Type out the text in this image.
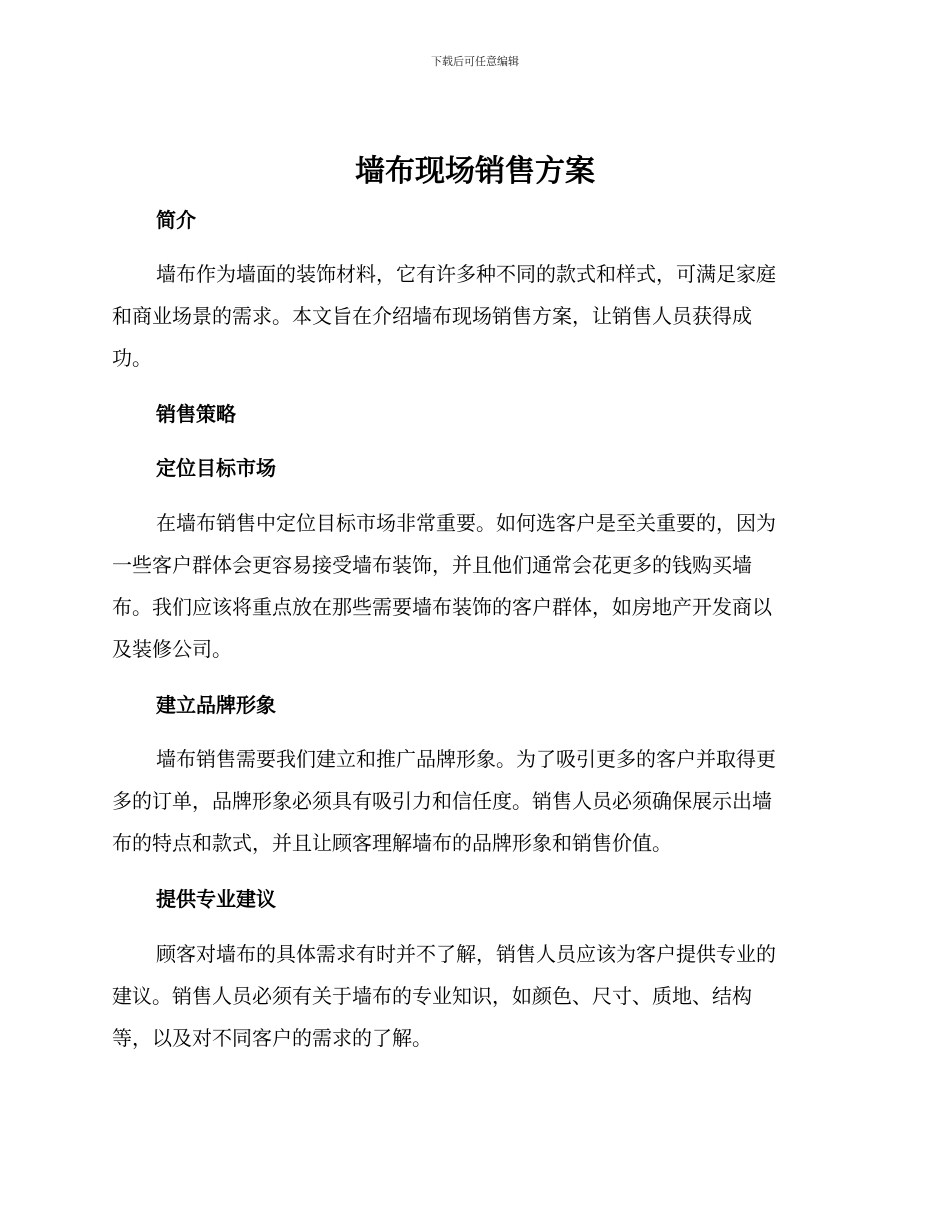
下载后可任意编辑
墙布现场销售方案
简介
墙布作为墙面的装饰材料，它有许多种不同的款式和样式，可满足家庭
和商业场景的需求。本文旨在介绍墙布现场销售方案，让销售人员获得成
功。
销售策略
定位目标市场
在墙布销售中定位目标市场非常重要。如何选客户是至关重要的，因为
一些客户群体会更容易接受墙布装饰，并且他们通常会花更多的钱购买墙
布。我们应该将重点放在那些需要墙布装饰的客户群体，如房地产开发商以
及装修公司。
建立品牌形象
墙布销售需要我们建立和推广品牌形象。为了吸引更多的客户并取得更
多的订单，品牌形象必须具有吸引力和信任度。销售人员必须确保展示出墙
布的特点和款式，并且让顾客理解墙布的品牌形象和销售价值。
提供专业建议
顾客对墙布的具体需求有时并不了解，销售人员应该为客户提供专业的
建议。销售人员必须有关于墙布的专业知识，如颜色、尺寸、质地、结构
等，以及对不同客户的需求的了解。
